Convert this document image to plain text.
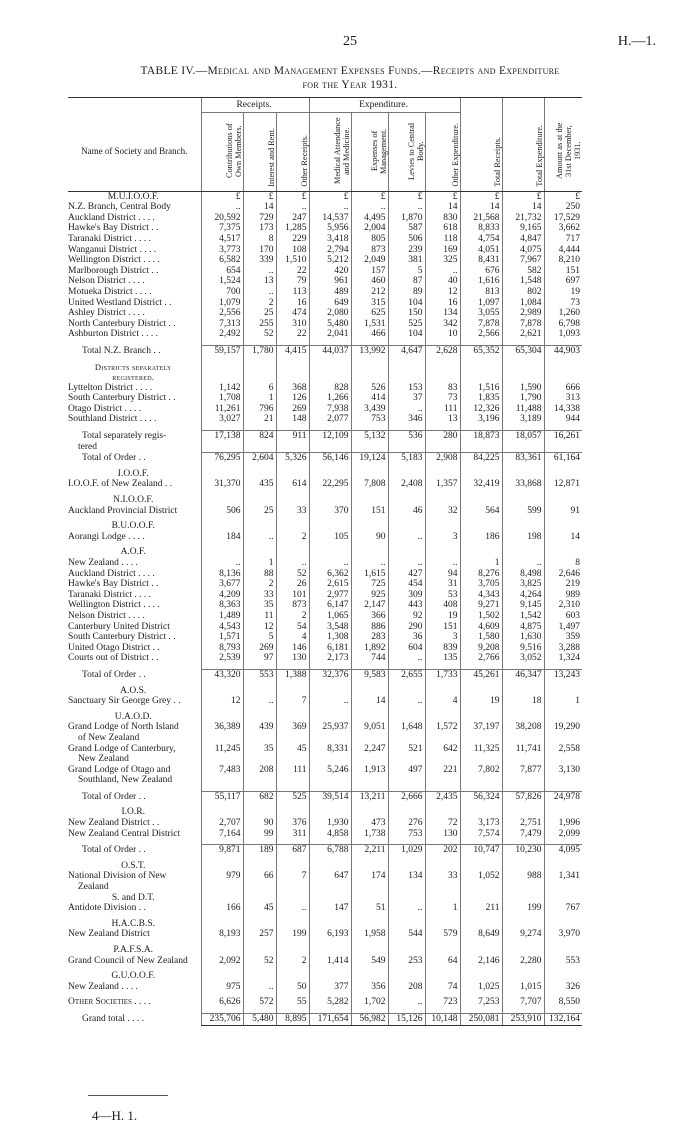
25	H.—1.
TABLE IV.—Medical and Management Expenses Funds.—Receipts and Expenditure
for the Year 1931.
	Receipts.			Expenditure.						
Name of Society and Branch.	Contributions of Own Members.	Interest and Rent.	Other Receipts.	Medical Attendance and Medicine.	Expenses of Management.	Levies to Central Body.	Other Expenditure.	Total Receipts.	Total Expenditure.	Amount as at the 31st December, 1931.
M.U.I.O.O.F.	£	£	£	£	£	£	£	£	£	£
N.Z. Branch, Central Body	..	14	..	..	..	..	14	14	14	250
Auckland District . . . .	20,592	729	247	14,537	4,495	1,870	830	21,568	21,732	17,529
Hawke's Bay District . .	7,375	173	1,285	5,956	2,004	587	618	8,833	9,165	3,662
Taranaki District . . . .	4,517	8	229	3,418	805	506	118	4,754	4,847	717
Wanganui District . . . .	3,773	170	108	2,794	873	239	169	4,051	4,075	4,444
Wellington District . . . .	6,582	339	1,510	5,212	2,049	381	325	8,431	7,967	8,210
Marlborough District . .	654	..	22	420	157	5	..	676	582	151
Nelson District . . . .	1,524	13	79	961	460	87	40	1,616	1,548	697
Motueka District . . . .	700	..	113	489	212	89	12	813	802	19
United Westland District . .	1,079	2	16	649	315	104	16	1,097	1,084	73
Ashley District . . . .	2,556	25	474	2,080	625	150	134	3,055	2,989	1,260
North Canterbury District . .	7,313	255	310	5,480	1,531	525	342	7,878	7,878	6,798
Ashburton District . . . .	2,492	52	22	2,041	466	104	10	2,566	2,621	1,093

Total N.Z. Branch . .	59,157	1,780	4,415	44,037	13,992	4,647	2,628	65,352	65,304	44,903

Districts separately										
registered.										
Lyttelton District . . . .	1,142	6	368	828	526	153	83	1,516	1,590	666
South Canterbury District . .	1,708	1	126	1,266	414	37	73	1,835	1,790	313
Otago District . . . .	11,261	796	269	7,938	3,439	..	111	12,326	11,488	14,338
Southland District . . . .	3,027	21	148	2,077	753	346	13	3,196	3,189	944

Total separately regis-	17,138	824	911	12,109	5,132	536	280	18,873	18,057	16,261
tered										
Total of Order . .	76,295	2,604	5,326	56,146	19,124	5,183	2,908	84,225	83,361	61,164

I.O.O.F.										
I.O.O.F. of New Zealand . .	31,370	435	614	22,295	7,808	2,408	1,357	32,419	33,868	12,871

N.I.O.O.F.										
Auckland Provincial District	506	25	33	370	151	46	32	564	599	91

B.U.O.O.F.										
Aorangi Lodge . . . .	184	..	2	105	90	..	3	186	198	14

A.O.F.										
New Zealand . . . .	..	1	..	..	..	..	..	1	..	8
Auckland District . . . .	8,136	88	52	6,362	1,615	427	94	8,276	8,498	2,646
Hawke's Bay District . .	3,677	2	26	2,615	725	454	31	3,705	3,825	219
Taranaki District . . . .	4,209	33	101	2,977	925	309	53	4,343	4,264	989
Wellington District . . . .	8,363	35	873	6,147	2,147	443	408	9,271	9,145	2,310
Nelson District . . . .	1,489	11	2	1,065	366	92	19	1,502	1,542	603
Canterbury United District	4,543	12	54	3,548	886	290	151	4,609	4,875	1,497
South Canterbury District . .	1,571	5	4	1,308	283	36	3	1,580	1,630	359
United Otago District . .	8,793	269	146	6,181	1,892	604	839	9,208	9,516	3,288
Courts out of District . .	2,539	97	130	2,173	744	..	135	2,766	3,052	1,324

Total of Order . .	43,320	553	1,388	32,376	9,583	2,655	1,733	45,261	46,347	13,243

A.O.S.										
Sanctuary Sir George Grey . .	12	..	7	..	14	..	4	19	18	1

U.A.O.D.										
Grand Lodge of North Island	36,389	439	369	25,937	9,051	1,648	1,572	37,197	38,208	19,290
of New Zealand										
Grand Lodge of Canterbury,	11,245	35	45	8,331	2,247	521	642	11,325	11,741	2,558
New Zealand										
Grand Lodge of Otago and	7,483	208	111	5,246	1,913	497	221	7,802	7,877	3,130
Southland, New Zealand										

Total of Order . .	55,117	682	525	39,514	13,211	2,666	2,435	56,324	57,826	24,978

I.O.R.										
New Zealand District . .	2,707	90	376	1,930	473	276	72	3,173	2,751	1,996
New Zealand Central District	7,164	99	311	4,858	1,738	753	130	7,574	7,479	2,099

Total of Order . .	9,871	189	687	6,788	2,211	1,029	202	10,747	10,230	4,095

O.S.T.										
National Division of New	979	66	7	647	174	134	33	1,052	988	1,341
Zealand										
S. and D.T.										
Antidote Division . .	166	45	..	147	51	..	1	211	199	767

H.A.C.B.S.										
New Zealand District	8,193	257	199	6,193	1,958	544	579	8,649	9,274	3,970

P.A.F.S.A.										
Grand Council of New Zealand	2,092	52	2	1,414	549	253	64	2,146	2,280	553

G.U.O.O.F.										
New Zealand . . . .	975	..	50	377	356	208	74	1,025	1,015	326

Other Societies . . . .	6,626	572	55	5,282	1,702	..	723	7,253	7,707	8,550

Grand total . . . .	235,706	5,480	8,895	171,654	56,982	15,126	10,148	250,081	253,910	132,164
4—H. 1.
